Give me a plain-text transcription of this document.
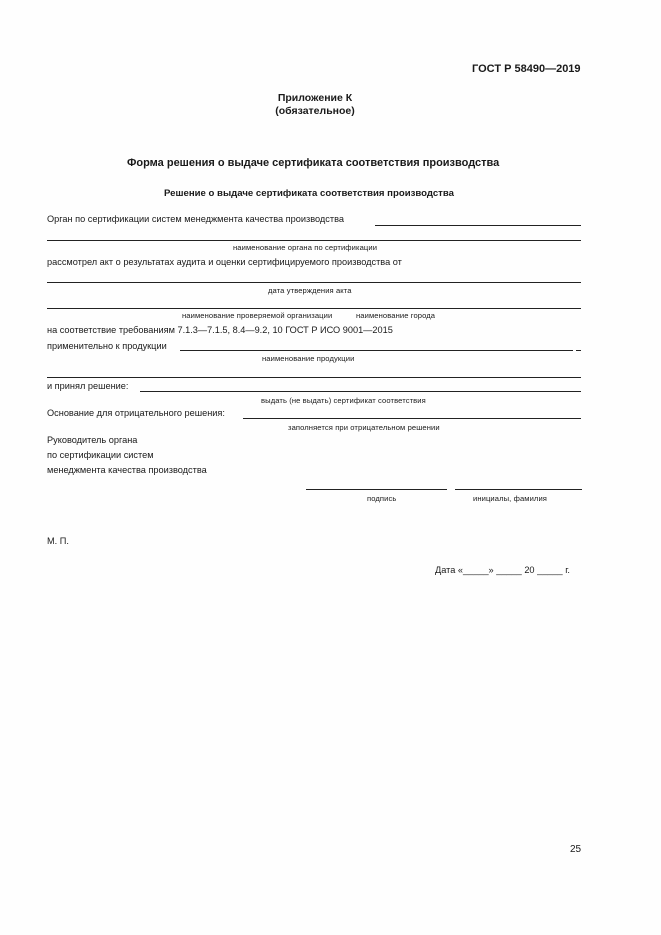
ГОСТ Р 58490—2019
Приложение К
(обязательное)
Форма решения о выдаче сертификата соответствия производства
Решение о выдаче сертификата соответствия производства
Орган по сертификации систем менеджмента качества производства
наименование органа по сертификации
рассмотрел акт о результатах аудита и оценки сертифицируемого производства от
дата утверждения акта
наименование проверяемой организации	наименование города
на соответствие требованиям 7.1.3—7.1.5, 8.4—9.2, 10 ГОСТ Р ИСО 9001—2015
применительно к продукции
наименование продукции
и принял решение:
выдать (не выдать) сертификат соответствия
Основание для отрицательного решения:
заполняется при отрицательном решении
Руководитель органа
по сертификации систем
менеджмента качества производства
подпись	инициалы, фамилия
М. П.
Дата «_____» _____ 20 _____ г.
25
